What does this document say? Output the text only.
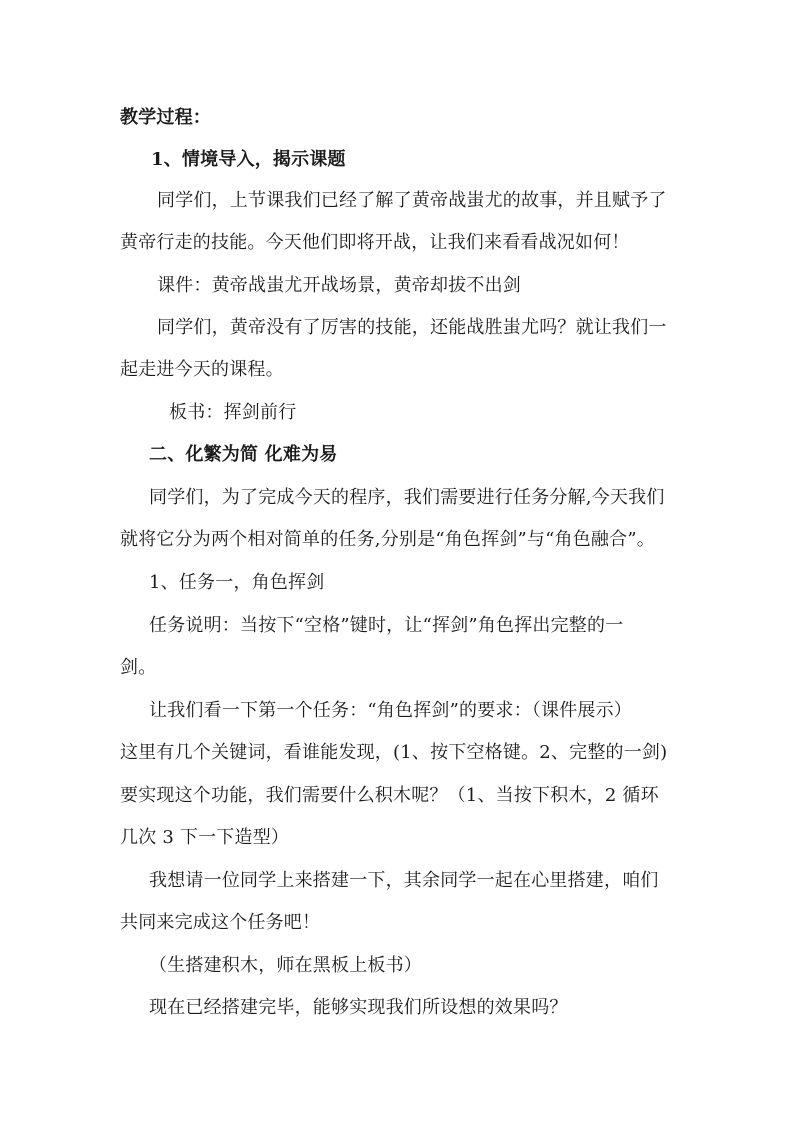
教学过程：
1、情境导入，揭示课题
同学们，上节课我们已经了解了黄帝战蚩尤的故事，并且赋予了
黄帝行走的技能。今天他们即将开战，让我们来看看战况如何！
课件：黄帝战蚩尤开战场景，黄帝却拔不出剑
同学们，黄帝没有了厉害的技能，还能战胜蚩尤吗？就让我们一
起走进今天的课程。
板书：挥剑前行
二、化繁为简 化难为易
同学们，为了完成今天的程序，我们需要进行任务分解,今天我们
就将它分为两个相对简单的任务,分别是“角色挥剑”与“角色融合”。
1、任务一，角色挥剑
任务说明：当按下“空格”键时，让“挥剑”角色挥出完整的一
剑。
让我们看一下第一个任务：“角色挥剑”的要求：（课件展示）
这里有几个关键词，看谁能发现，(1、按下空格键。2、完整的一剑)
要实现这个功能，我们需要什么积木呢？（1、当按下积木，2 循环
几次 3 下一下造型）
我想请一位同学上来搭建一下，其余同学一起在心里搭建，咱们
共同来完成这个任务吧！
（生搭建积木，师在黑板上板书）
现在已经搭建完毕，能够实现我们所设想的效果吗？
